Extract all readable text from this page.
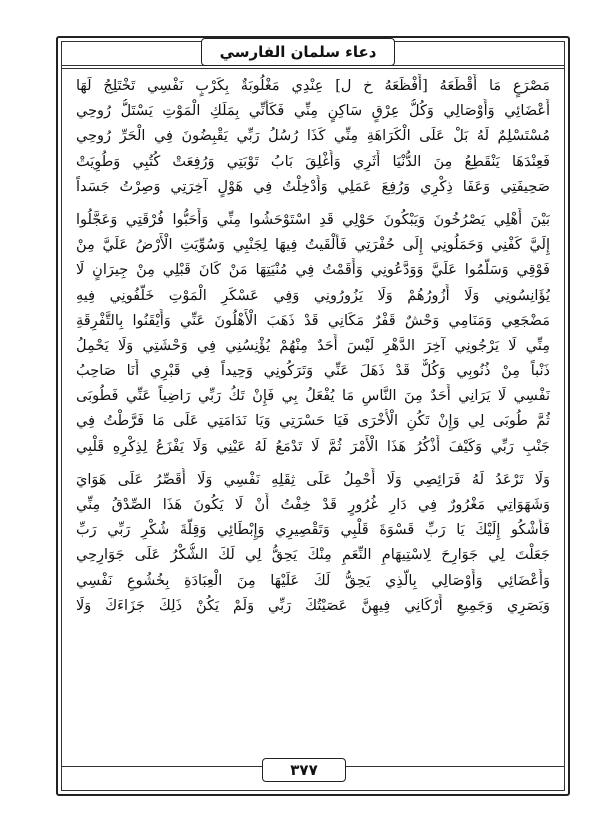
دعاء سلمان الفارسي
مَصْرَعٍ مَا أَقْطَعَهُ [أَفْظَعَهُ خ ل] عِنْدِي مَغْلُوبَةٌ بِكَرْبٍ نَفْسِي تَخْتَلِجُ لَهَا
أَعْضَائِي وَأَوْصَالِي وَكُلُّ عِرْقٍ سَاكِنٍ مِنِّي فَكَأَنِّي بِمَلَكِ الْمَوْتِ يَسْتَلُّ رُوحِي
مُسْتَسْلِمٌ لَهُ بَلْ عَلَى الْكَرَاهَةِ مِنِّي كَذَا رُسُلُ رَبِّي يَقْبِضُونَ فِي الْحَرِّ رُوحِي
فَعِنْدَهَا يَنْقَطِعُ مِنَ الدُّنْيَا أَثَرِي وَأُغْلِقَ بَابُ تَوْبَتِي وَرُفِعَتْ كُتُبِي وَطُوِيَتْ
صَحِيفَتِي وَعَفَا ذِكْرِي وَرُفِعَ عَمَلِي وَأُدْخِلْتُ فِي هَوْلٍ آخِرَتِي وَصِرْتُ جَسَداً
بَيْنَ أَهْلِي يَصْرُخُونَ وَيَبْكُونَ حَوْلِي قَدِ اسْتَوْحَشُوا مِنِّي وَأَحَبُّوا فُرْقَتِي وَعَجَّلُوا
إِلَيَّ كَفْنِي وَحَمَلُونِي إِلَى حُفْرَتِي فَأَلْقَيتُ فِيهَا لِجَنْبِي وَسُوِّيَتِ الْأَرْضُ عَلَيَّ مِنْ
فَوْقِي وَسَلَّمُوا عَلَيَّ وَوَدَّعُونِي وَأَقَمْتُ فِي مُنْيَتِهَا مَنْ كَانَ قَبْلِي مِنْ جِيرَانٍ لَا
يُؤَانِسُونِي وَلَا أَزُورُهُمْ وَلَا يَزُورُونِي وَفِي عَسْكَرِ الْمَوْتِ خَلَّفُونِي فِيهِ
مَضْجَعِي وَمَنَامِي وَحْشٌ قَفْرٌ مَكَانِي قَدْ ذَهَبَ الْأَهْلُونَ عَنِّي وَأَيْقَنُوا بِالتَّفْرِقَةِ
مِنِّي لَا يَرْجُونِي آخِرَ الدَّهْرِ لَيْسَ أَحَدٌ مِنْهُمْ يُؤْنِسُنِي فِي وَحْشَتِي وَلَا يَحْمِلُ
ذَنْباً مِنْ ذُنُوبِي وَكُلٌّ قَدْ ذَهَلَ عَنِّي وَتَرَكُونِي وَحِيداً فِي قَبْرِي أَنَا صَاحِبُ
نَفْسِي لَا يَرَانِي أَحَدٌ مِنَ النَّاسِ مَا يُفْعَلُ بِي فَإِنْ تَكُ رَبِّي رَاضِياً عَنِّي فَطُوبَى
ثُمَّ طُوبَى لِي وَإِنْ تَكُنِ الْأُخْرَى فَيَا حَسْرَتِي وَيَا نَدَامَتِي عَلَى مَا فَرَّطْتُ فِي
جَنْبِ رَبِّي وَكَيْفَ أَذْكُرُ هَذَا الْأَمْرَ ثُمَّ لَا تَدْمَعُ لَهُ عَيْنِي وَلَا يَفْزَعُ لِذِكْرِهِ قَلْبِي
وَلَا تَرْعَدُ لَهُ فَرَائِصِي وَلَا أَحْمِلُ عَلَى ثِقَلِهِ نَفْسِي وَلَا أُقَصِّرُ عَلَى هَوَايَ
وَشَهَوَاتِي مَغْرُورٌ فِي دَارِ غُرُورٍ قَدْ خِفْتُ أَنْ لَا يَكُونَ هَذَا الصِّدْقُ مِنِّي
فَأَشْكُو إِلَيْكَ يَا رَبِّ قَسْوَةَ قَلْبِي وَتَقْصِيرِي وَإِبْطَائِي وَقِلَّةَ شُكْرِ رَبِّي رَبِّ
جَعَلْتَ لِي جَوَارِحَ لِاسْتِيهَامِ النِّعَمِ مِنْكَ يَحِقُّ لِي لَكَ الشُّكْرُ عَلَى جَوَارِحِي
وَأَعْضَائِي وَأَوْصَالِي بِالَّذِي يَحِقُّ لَكَ عَلَيْهَا مِنَ الْعِبَادَةِ بِخُشُوعِ نَفْسِي
وَبَصَرِي وَجَمِيعِ أَرْكَانِي فِيهِنَّ عَصَيْتُكَ رَبِّي وَلَمْ يَكُنْ ذَلِكَ جَزَاءَكَ وَلَا
٣٧٧
